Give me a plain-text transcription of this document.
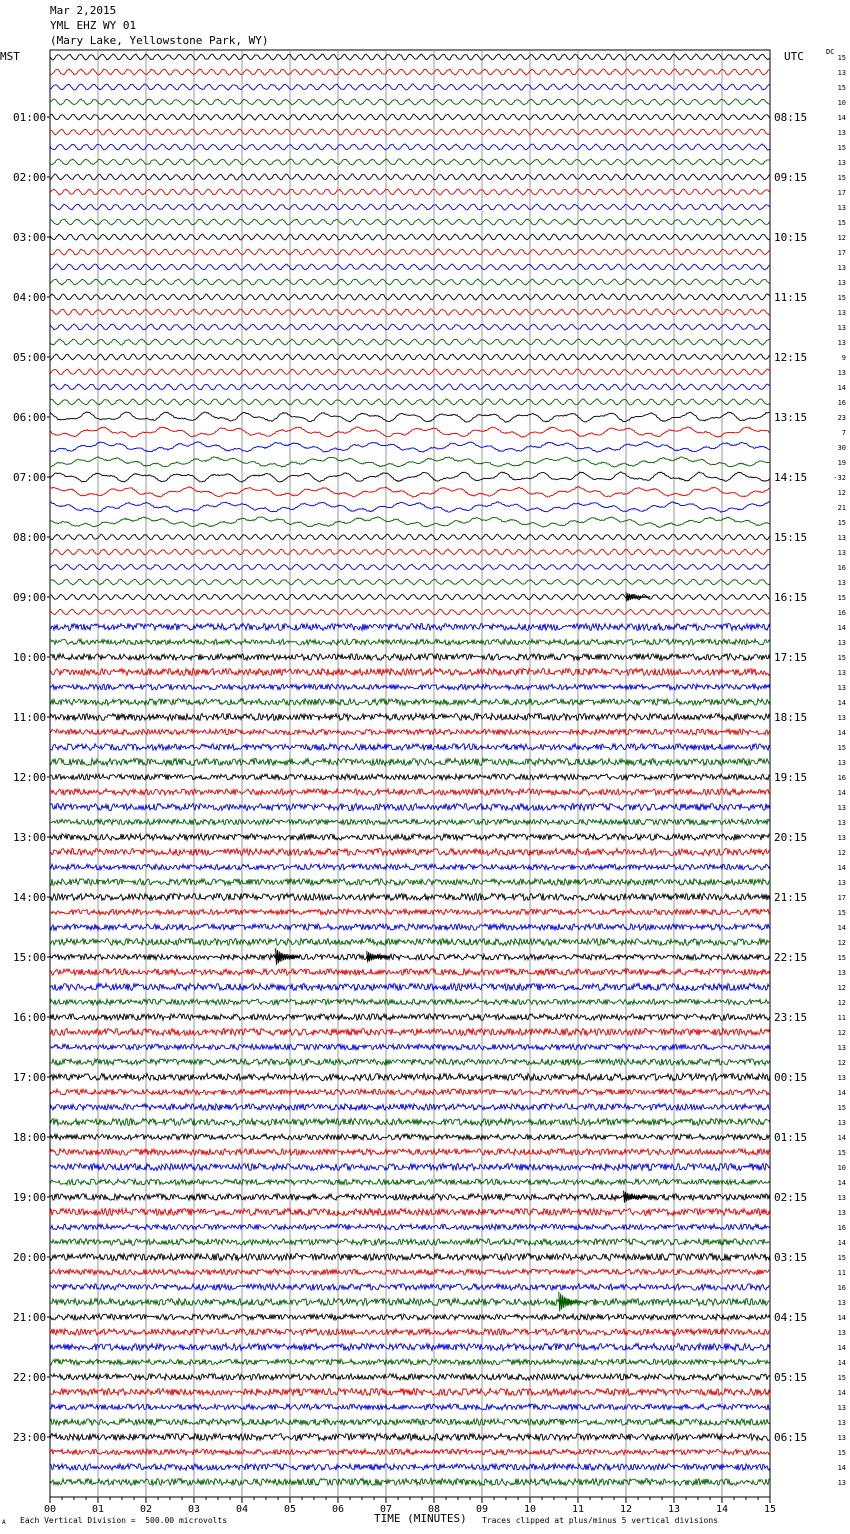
Mar 2,2015
YML EHZ WY 01
(Mary Lake, Yellowstone Park, WY)
MST	UTC	DC
01:00
02:00
03:00
04:00
05:00
06:00
07:00
08:00
09:00
10:00
11:00
12:00
13:00
14:00
15:00
16:00
17:00
18:00
19:00
20:00
21:00
22:00
23:00
08:15
09:15
10:15
11:15
12:15
13:15
14:15
15:15
16:15
17:15
18:15
19:15
20:15
21:15
22:15
23:15
00:15
01:15
02:15
03:15
04:15
05:15
06:15
15
13
15
10
14
13
15
13
15
17
13
15
12
17
13
13
15
13
13
13
9
13
14
16
23
7
30
19
-32
12
21
15
13
13
16
13
15
16
14
13
15
13
13
14
13
14
15
13
16
14
13
13
13
12
14
13
17
15
14
12
15
13
12
12
11
12
13
12
13
14
15
13
14
15
10
14
13
13
16
14
15
11
16
13
14
13
14
14
15
14
13
13
13
15
14
13
00	01	02	03	04	05	06	07	08	09	10	11	12	13	14	15
TIME (MINUTES)
A Each Vertical Division =  500.00 microvolts	Traces clipped at plus/minus 5 vertical divisions
